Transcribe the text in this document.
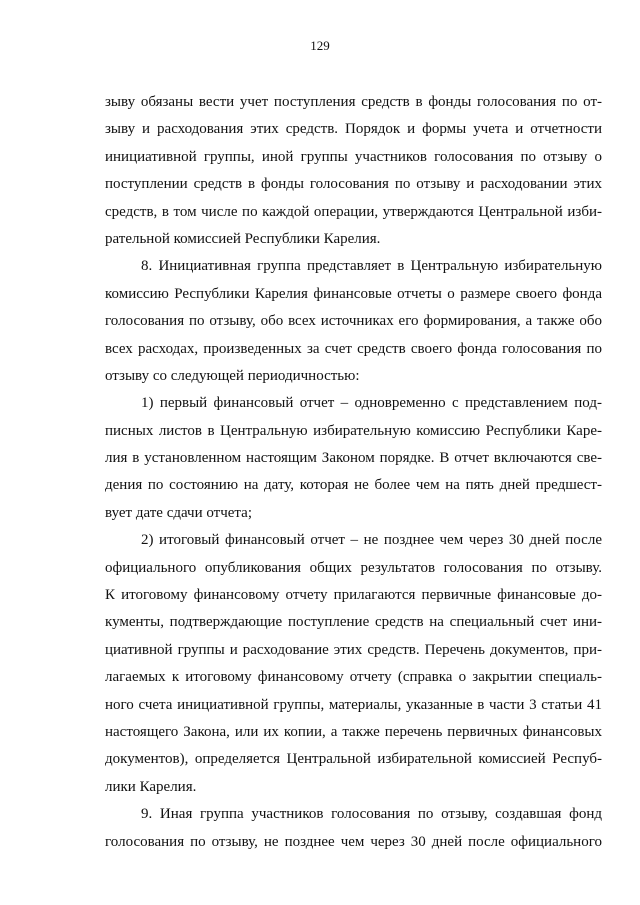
129
зыву обязаны вести учет поступления средств в фонды голосования по от-
зыву и расходования этих средств. Порядок и формы учета и отчетности
инициативной группы, иной группы участников голосования по отзыву о
поступлении средств в фонды голосования по отзыву и расходовании этих
средств, в том числе по каждой операции, утверждаются Центральной изби-
рательной комиссией Республики Карелия.
8. Инициативная группа представляет в Центральную избирательную
комиссию Республики Карелия финансовые отчеты о размере своего фонда
голосования по отзыву, обо всех источниках его формирования, а также обо
всех расходах, произведенных за счет средств своего фонда голосования по
отзыву со следующей периодичностью:
1) первый финансовый отчет – одновременно с представлением под-
писных листов в Центральную избирательную комиссию Республики Каре-
лия в установленном настоящим Законом порядке. В отчет включаются све-
дения по состоянию на дату, которая не более чем на пять дней предшест-
вует дате сдачи отчета;
2) итоговый финансовый отчет – не позднее чем через 30 дней после
официального опубликования общих результатов голосования по отзыву.
К итоговому финансовому отчету прилагаются первичные финансовые до-
кументы, подтверждающие поступление средств на специальный счет ини-
циативной группы и расходование этих средств. Перечень документов, при-
лагаемых к итоговому финансовому отчету (справка о закрытии специаль-
ного счета инициативной группы, материалы, указанные в части 3 статьи 41
настоящего Закона, или их копии, а также перечень первичных финансовых
документов), определяется Центральной избирательной комиссией Респуб-
лики Карелия.
9. Иная группа участников голосования по отзыву, создавшая фонд
голосования по отзыву, не позднее чем через 30 дней после официального
